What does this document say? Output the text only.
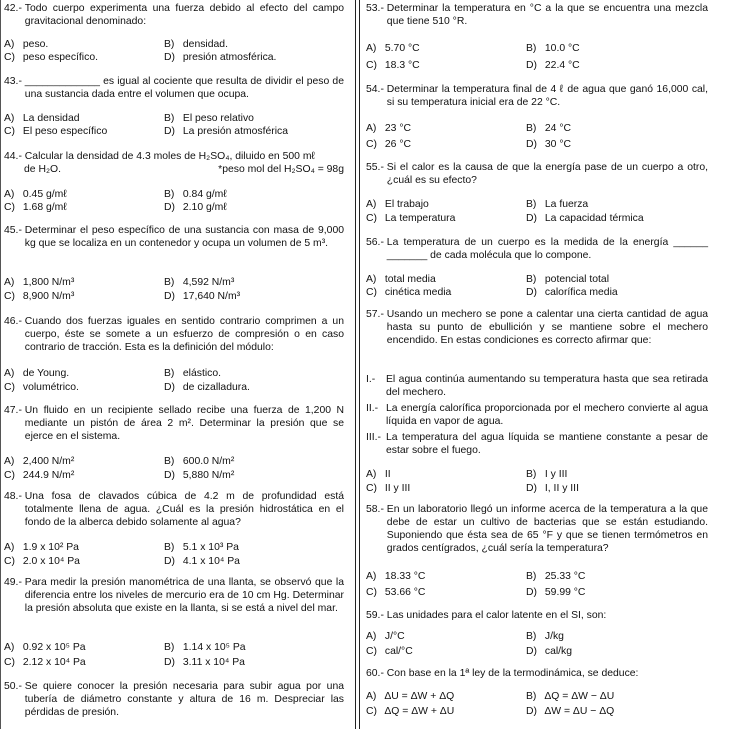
42.- Todo cuerpo experimenta una fuerza debido al efecto del campo gravitacional denominado:
A) peso.	B) densidad.
C) peso específico.	D) presión atmosférica.
43.- _____________ es igual al cociente que resulta de dividir el peso de una sustancia dada entre el volumen que ocupa.
A) La densidad	B) El peso relativo
C) El peso específico	D) La presión atmosférica
44.- Calcular la densidad de 4.3 moles de H₂SO₄, diluido en 500 mℓ
de H₂O.	*peso mol del H₂SO₄ = 98g
A) 0.45 g/mℓ	B) 0.84 g/mℓ
C) 1.68 g/mℓ	D) 2.10 g/mℓ
45.- Determinar el peso específico de una sustancia con masa de 9,000 kg que se localiza en un contenedor y ocupa un volumen de 5 m³.
A) 1,800 N/m³	B) 4,592 N/m³
C) 8,900 N/m³	D) 17,640 N/m³
46.- Cuando dos fuerzas iguales en sentido contrario comprimen a un cuerpo, éste se somete a un esfuerzo de compresión o en caso contrario de tracción. Esta es la definición del módulo:
A) de Young.	B) elástico.
C) volumétrico.	D) de cizalladura.
47.- Un fluido en un recipiente sellado recibe una fuerza de 1,200 N mediante un pistón de área 2 m². Determinar la presión que se ejerce en el sistema.
A) 2,400 N/m²	B) 600.0 N/m²
C) 244.9 N/m²	D) 5,880 N/m²
48.- Una fosa de clavados cúbica de 4.2 m de profundidad está totalmente llena de agua. ¿Cuál es la presión hidrostática en el fondo de la alberca debido solamente al agua?
A) 1.9 x 10² Pa	B) 5.1 x 10³ Pa
C) 2.0 x 10⁴ Pa	D) 4.1 x 10⁴ Pa
49.- Para medir la presión manométrica de una llanta, se observó que la diferencia entre los niveles de mercurio era de 10 cm Hg. Determinar la presión absoluta que existe en la llanta, si se está a nivel del mar.
A) 0.92 x 10⁵ Pa	B) 1.14 x 10⁵ Pa
C) 2.12 x 10⁴ Pa	D) 3.11 x 10⁴ Pa
50.- Se quiere conocer la presión necesaria para subir agua por una tubería de diámetro constante y altura de 16 m. Despreciar las pérdidas de presión.
53.- Determinar la temperatura en °C a la que se encuentra una mezcla que tiene 510 °R.
A) 5.70 °C	B) 10.0 °C
C) 18.3 °C	D) 22.4 °C
54.- Determinar la temperatura final de 4 ℓ de agua que ganó 16,000 cal, si su temperatura inicial era de 22 °C.
A) 23 °C	B) 24 °C
C) 26 °C	D) 30 °C
55.- Si el calor es la causa de que la energía pase de un cuerpo a otro, ¿cuál es su efecto?
A) El trabajo	B) La fuerza
C) La temperatura	D) La capacidad térmica
56.- La temperatura de un cuerpo es la medida de la energía ______ _______ de cada molécula que lo compone.
A) total media	B) potencial total
C) cinética media	D) calorífica media
57.- Usando un mechero se pone a calentar una cierta cantidad de agua hasta su punto de ebullición y se mantiene sobre el mechero encendido. En estas condiciones es correcto afirmar que:
I.-	El agua continúa aumentando su temperatura hasta que sea retirada del mechero.
II.- La energía calorífica proporcionada por el mechero convierte al agua líquida en vapor de agua.
III.- La temperatura del agua líquida se mantiene constante a pesar de estar sobre el fuego.
A) II	B) I y III
C) II y III	D) I, II y III
58.- En un laboratorio llegó un informe acerca de la temperatura a la que debe de estar un cultivo de bacterias que se están estudiando. Suponiendo que ésta sea de 65 °F y que se tienen termómetros en grados centígrados, ¿cuál sería la temperatura?
A) 18.33 °C	B) 25.33 °C
C) 53.66 °C	D) 59.99 °C
59.- Las unidades para el calor latente en el SI, son:
A) J/°C	B) J/kg
C) cal/°C	D) cal/kg
60.- Con base en la 1ª ley de la termodinámica, se deduce:
A) ΔU = ΔW + ΔQ	B) ΔQ = ΔW − ΔU
C) ΔQ = ΔW + ΔU	D) ΔW = ΔU − ΔQ
